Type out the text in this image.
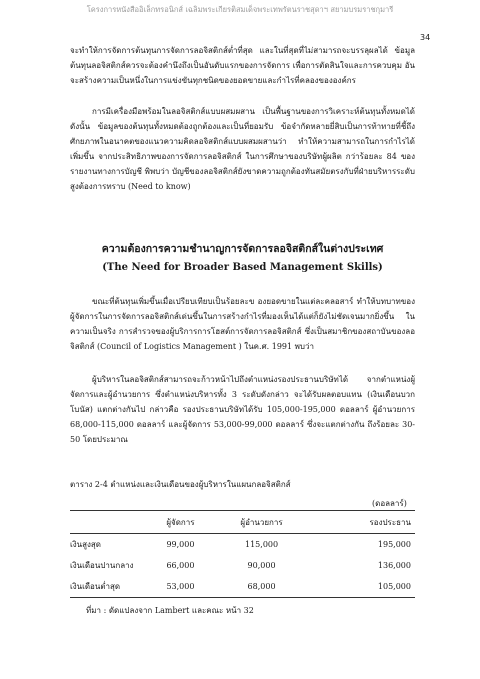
โครงการหนังสืออิเล็กทรอนิกส์ เฉลิมพระเกียรติสมเด็จพระเทพรัตนราชสุดาฯ สยามบรมราชกุมารี
34

จะทำให้การจัดการต้นทุนการจัดการลอจิสติกส์ต่ำที่สุด และในที่สุดที่ไม่สามารถจะบรรลุผลได้ ข้อมูลต้นทุนลอจิสติกส์ควรจะต้องคำนึงถึงเป็นอันดับแรกของการจัดการ เพื่อการตัดสินใจและการควบคุม อันจะสร้างความเป็นหนึ่งในการแข่งขันทุกชนิดของยอดขายและกำไรที่คลองขององค์กร

การมีเครื่องมือพร้อมในลอจิสติกส์แบบผสมผสาน เป็นพื้นฐานของการวิเคราะห์ต้นทุนทั้งหมดได้ ดังนั้น ข้อมูลของต้นทุนทั้งหมดต้องถูกต้องและเป็นที่ยอมรับ ข้อจำกัดหลายยี่สิบเป็นการท้าทายที่ชี้ถึงศักยภาพในอนาคตของแนวความคิดลอจิสติกส์แบบผสมผสานว่า ทำให้ความสามารถในการกำไรได้เพิ่มขึ้น จากประสิทธิภาพของการจัดการลอจิสติกส์ ในการศึกษาของบริษัทผู้ผลิต กว่าร้อยละ 84 ของรายงานทางการบัญชี พิพบว่า บัญชีของลอจิสติกส์ยังขาดความถูกต้องทันสมัยตรงกับที่ฝ่ายบริหารระดับสูงต้องการทราบ (Need to know)

ความต้องการความชำนาญการจัดการลอจิสติกส์ในต่างประเทศ
(The Need for Broader Based Management Skills)

ขณะที่ต้นทุนเพิ่มขึ้นเมื่อเปรียบเทียบเป็นร้อยละข องยอดขายในแต่ละคลอสาร์ ทำให้บทบาทของผู้จัดการในการจัดการลอจิสติกส์เด่นขึ้นในการสร้างกำไรที่มองเห็นได้แต่ก็ยังไม่ชัดเจนมากยิ่งขึ้น ในความเป็นจริง การสำรวจของผู้บริการการโฮสต์การจัดการลอจิสติกส์ ซึ่งเป็นสมาชิกของสถาบันของลอจิสติกส์ (Council of Logistics Management ) ในค.ศ. 1991 พบว่า

ผู้บริหารในลอจิสติกส์สามารถจะก้าวหน้าไปถึงตำแหน่งรองประธานบริษัทได้ จากตำแหน่งผู้จัดการและผู้อำนวยการ ซึ่งตำแหน่งบริหารทั้ง 3 ระดับดังกล่าว จะได้รับผลตอบแทน (เงินเดือนบวกโบนัส) แตกต่างกันไป กล่าวคือ รองประธานบริษัทได้รับ 105,000-195,000 ดอลลาร์ ผู้อำนวยการ 68,000-115,000 ดอลลาร์ และผู้จัดการ 53,000-99,000 ดอลลาร์ ซึ่งจะแตกต่างกัน ถึงร้อยละ 30-50 โดยประมาณ

ตาราง 2-4 ตำแหน่งและเงินเดือนของผู้บริหารในแผนกลอจิสติกส์

(ดอลลาร์)
	ผู้จัดการ	ผู้อำนวยการ	รองประธาน
เงินสูงสุด	99,000	115,000	195,000
เงินเดือนปานกลาง	66,000	90,000	136,000
เงินเดือนต่ำสุด	53,000	68,000	105,000

ที่มา : ดัดแปลงจาก Lambert และคณะ หน้า 32
